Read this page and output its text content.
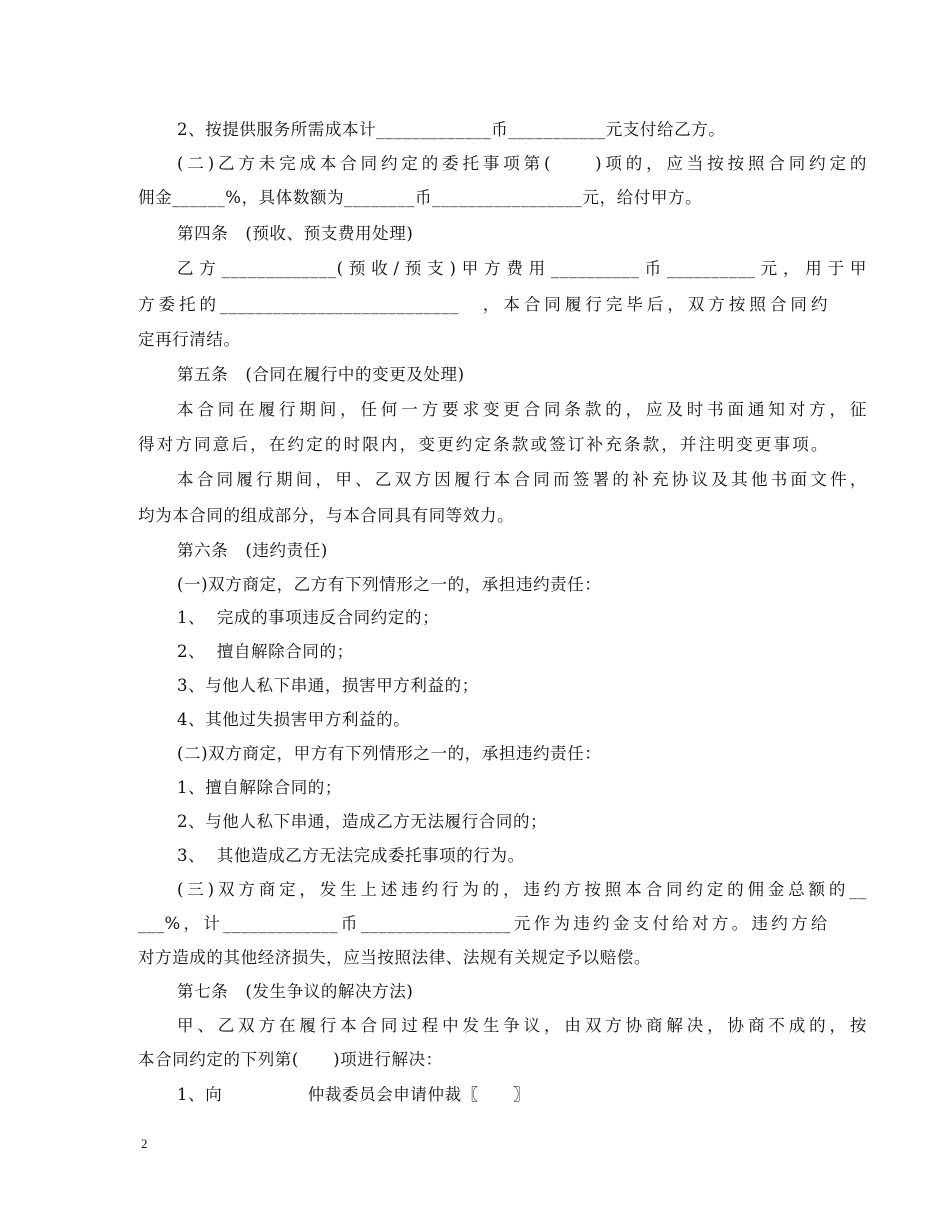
2、按提供服务所需成本计_____________币___________元支付给乙方。
(二)乙方未完成本合同约定的委托事项第(　　)项的，应当按按照合同约定的
佣金______%，具体数额为________币_________________元，给付甲方。
第四条　(预收、预支费用处理)
乙方_____________(预收/预支)甲方费用__________币__________元，用于甲
方委托的___________________________　，本合同履行完毕后，双方按照合同约
定再行清结。
第五条　(合同在履行中的变更及处理)
本合同在履行期间，任何一方要求变更合同条款的，应及时书面通知对方，征
得对方同意后，在约定的时限内，变更约定条款或签订补充条款，并注明变更事项。
本合同履行期间，甲、乙双方因履行本合同而签署的补充协议及其他书面文件，
均为本合同的组成部分，与本合同具有同等效力。
第六条　(违约责任)
(一)双方商定，乙方有下列情形之一的，承担违约责任：
1、  完成的事项违反合同约定的；
2、  擅自解除合同的；
3、与他人私下串通，损害甲方利益的；
4、其他过失损害甲方利益的。
(二)双方商定，甲方有下列情形之一的，承担违约责任：
1、擅自解除合同的；
2、与他人私下串通，造成乙方无法履行合同的；
3、  其他造成乙方无法完成委托事项的行为。
(三)双方商定，发生上述违约行为的，违约方按照本合同约定的佣金总额的__
___%，计_____________币_________________元作为违约金支付给对方。违约方给
对方造成的其他经济损失，应当按照法律、法规有关规定予以赔偿。
第七条　(发生争议的解决方法)
甲、乙双方在履行本合同过程中发生争议，由双方协商解决，协商不成的，按
本合同约定的下列第(　　)项进行解决：
1、向　　　　　仲裁委员会申请仲裁〖　　〗
2
